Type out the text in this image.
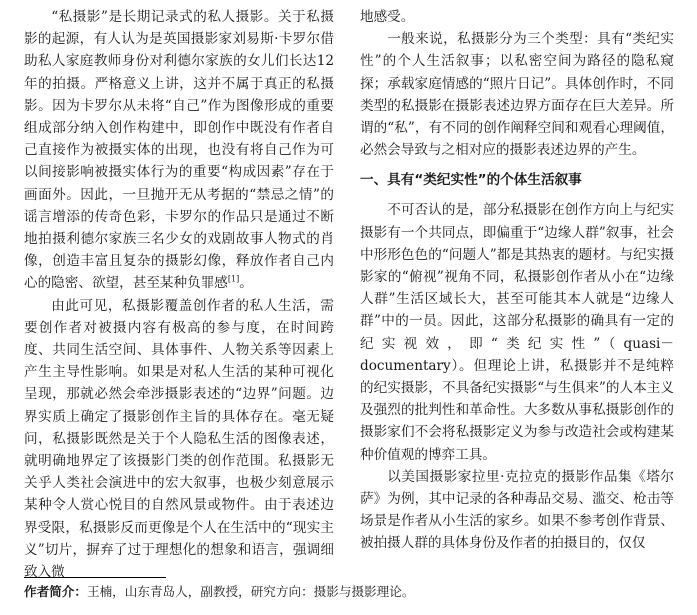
“私摄影”是长期记录式的私人摄影。关于私摄影的起源，有人认为是英国摄影家刘易斯·卡罗尔借助私人家庭教师身份对利德尔家族的女儿们长达12年的拍摄。严格意义上讲，这并不属于真正的私摄影。因为卡罗尔从未将“自己”作为图像形成的重要组成部分纳入创作构建中，即创作中既没有作者自己直接作为被摄实体的出现，也没有将自己作为可以间接影响被摄实体行为的重要“构成因素”存在于画面外。因此，一旦抛开无从考据的“禁忌之情”的谣言增添的传奇色彩，卡罗尔的作品只是通过不断地拍摄利德尔家族三名少女的戏剧故事人物式的肖像，创造丰富且复杂的摄影幻像，释放作者自己内心的隐密、欲望，甚至某种负罪感[1]。

由此可见，私摄影覆盖创作者的私人生活，需要创作者对被摄内容有极高的参与度，在时间跨度、共同生活空间、具体事件、人物关系等因素上产生主导性影响。如果是对私人生活的某种可视化呈现，那就必然会牵涉摄影表述的“边界”问题。边界实质上确定了摄影创作主旨的具体存在。毫无疑问，私摄影既然是关于个人隐私生活的图像表述，就明确地界定了该摄影门类的创作范围。私摄影无关乎人类社会演进中的宏大叙事，也极少刻意展示某种令人赏心悦目的自然风景或物件。由于表述边界受限，私摄影反而更像是个人在生活中的“现实主义”切片，摒弃了过于理想化的想象和语言，强调细致入微

地感受。

一般来说，私摄影分为三个类型：具有“类纪实性”的个人生活叙事；以私密空间为路径的隐私窥探；承载家庭情感的“照片日记”。具体创作时，不同类型的私摄影在摄影表述边界方面存在巨大差异。所谓的“私”，有不同的创作阐释空间和观看心理阈值，必然会导致与之相对应的摄影表述边界的产生。

一、具有“类纪实性”的个体生活叙事

不可否认的是，部分私摄影在创作方向上与纪实摄影有一个共同点，即偏重于“边缘人群”叙事，社会中形形色色的“问题人”都是其热衷的题材。与纪实摄影家的“俯视”视角不同，私摄影创作者从小在“边缘人群”生活区域长大，甚至可能其本人就是“边缘人群”中的一员。因此，这部分私摄影的确具有一定的纪实视效，即“类纪实性”（quasi－documentary）。但理论上讲，私摄影并不是纯粹的纪实摄影，不具备纪实摄影“与生俱来”的人本主义及强烈的批判性和革命性。大多数从事私摄影创作的摄影家们不会将私摄影定义为参与改造社会或构建某种价值观的博弈工具。

以美国摄影家拉里·克拉克的摄影作品集《塔尔萨》为例，其中记录的各种毒品交易、滥交、枪击等场景是作者从小生活的家乡。如果不参考创作背景、被拍摄人群的具体身份及作者的拍摄目的，仅仅

作者简介：王楠，山东青岛人，副教授，研究方向：摄影与摄影理论。
